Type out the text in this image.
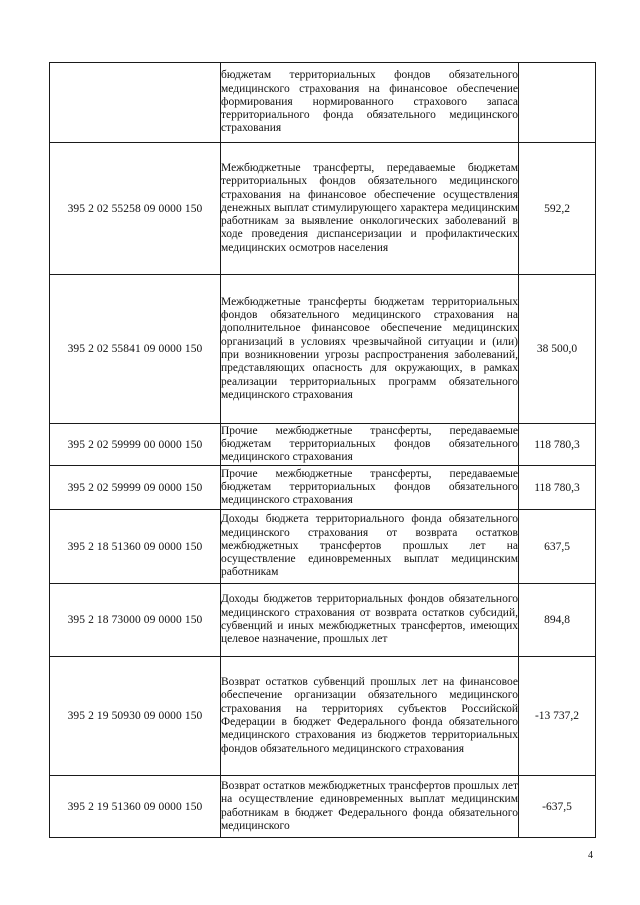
	бюджетам территориальных фондов обязательного медицинского страхования на финансовое обеспечение формирования нормированного страхового запаса территориального фонда обязательного медицинского страхования	
395 2 02 55258 09 0000 150	Межбюджетные трансферты, передаваемые бюджетам территориальных фондов обязательного медицинского страхования на финансовое обеспечение осуществления денежных выплат стимулирующего характера медицинским работникам за выявление онкологических заболеваний в ходе проведения диспансеризации и профилактических медицинских осмотров населения	592,2
395 2 02 55841 09 0000 150	Межбюджетные трансферты бюджетам территориальных фондов обязательного медицинского страхования на дополнительное финансовое обеспечение медицинских организаций в условиях чрезвычайной ситуации и (или) при возникновении угрозы распространения заболеваний, представляющих опасность для окружающих, в рамках реализации территориальных программ обязательного медицинского страхования	38 500,0
395 2 02 59999 00 0000 150	Прочие межбюджетные трансферты, передаваемые бюджетам территориальных фондов обязательного медицинского страхования	118 780,3
395 2 02 59999 09 0000 150	Прочие межбюджетные трансферты, передаваемые бюджетам территориальных фондов обязательного медицинского страхования	118 780,3
395 2 18 51360 09 0000 150	Доходы бюджета территориального фонда обязательного медицинского страхования от возврата остатков межбюджетных трансфертов прошлых лет на осуществление единовременных выплат медицинским работникам	637,5
395 2 18 73000 09 0000 150	Доходы бюджетов территориальных фондов обязательного медицинского страхования от возврата остатков субсидий, субвенций и иных межбюджетных трансфертов, имеющих целевое назначение, прошлых лет	894,8
395 2 19 50930 09 0000 150	Возврат остатков субвенций прошлых лет на финансовое обеспечение организации обязательного медицинского страхования на территориях субъектов Российской Федерации в бюджет Федерального фонда обязательного медицинского страхования из бюджетов территориальных фондов обязательного медицинского страхования	-13 737,2
395 2 19 51360 09 0000 150	Возврат остатков межбюджетных трансфертов прошлых лет на осуществление единовременных выплат медицинским работникам в бюджет Федерального фонда обязательного медицинского	-637,5
4
